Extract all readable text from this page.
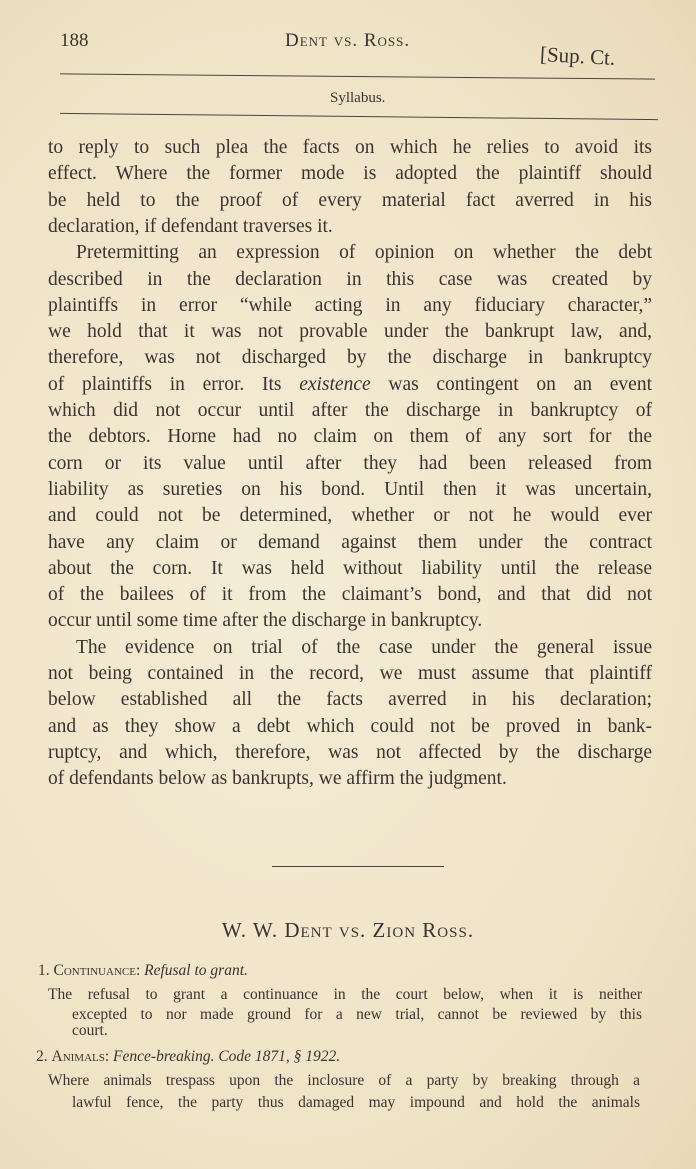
188	Dent vs. Ross.
[Sup. Ct.
Syllabus.
to reply to such plea the facts on which he relies to avoid its
effect. Where the former mode is adopted the plaintiff should
be held to the proof of every material fact averred in his
declaration, if defendant traverses it.
Pretermitting an expression of opinion on whether the debt
described in the declaration in this case was created by
plaintiffs in error “while acting in any fiduciary character,”
we hold that it was not provable under the bankrupt law, and,
therefore, was not discharged by the discharge in bankruptcy
of plaintiffs in error. Its existence was contingent on an event
which did not occur until after the discharge in bankruptcy of
the debtors. Horne had no claim on them of any sort for the
corn or its value until after they had been released from
liability as sureties on his bond. Until then it was uncertain,
and could not be determined, whether or not he would ever
have any claim or demand against them under the contract
about the corn. It was held without liability until the release
of the bailees of it from the claimant’s bond, and that did not
occur until some time after the discharge in bankruptcy.
The evidence on trial of the case under the general issue
not being contained in the record, we must assume that plaintiff
below established all the facts averred in his declaration;
and as they show a debt which could not be proved in bank-
ruptcy, and which, therefore, was not affected by the discharge
of defendants below as bankrupts, we affirm the judgment.
W. W. Dent vs. Zion Ross.
1. Continuance: Refusal to grant.
The refusal to grant a continuance in the court below, when it is neither
excepted to nor made ground for a new trial, cannot be reviewed by this
court.
2. Animals: Fence-breaking. Code 1871, § 1922.
Where animals trespass upon the inclosure of a party by breaking through a
lawful fence, the party thus damaged may impound and hold the animals
